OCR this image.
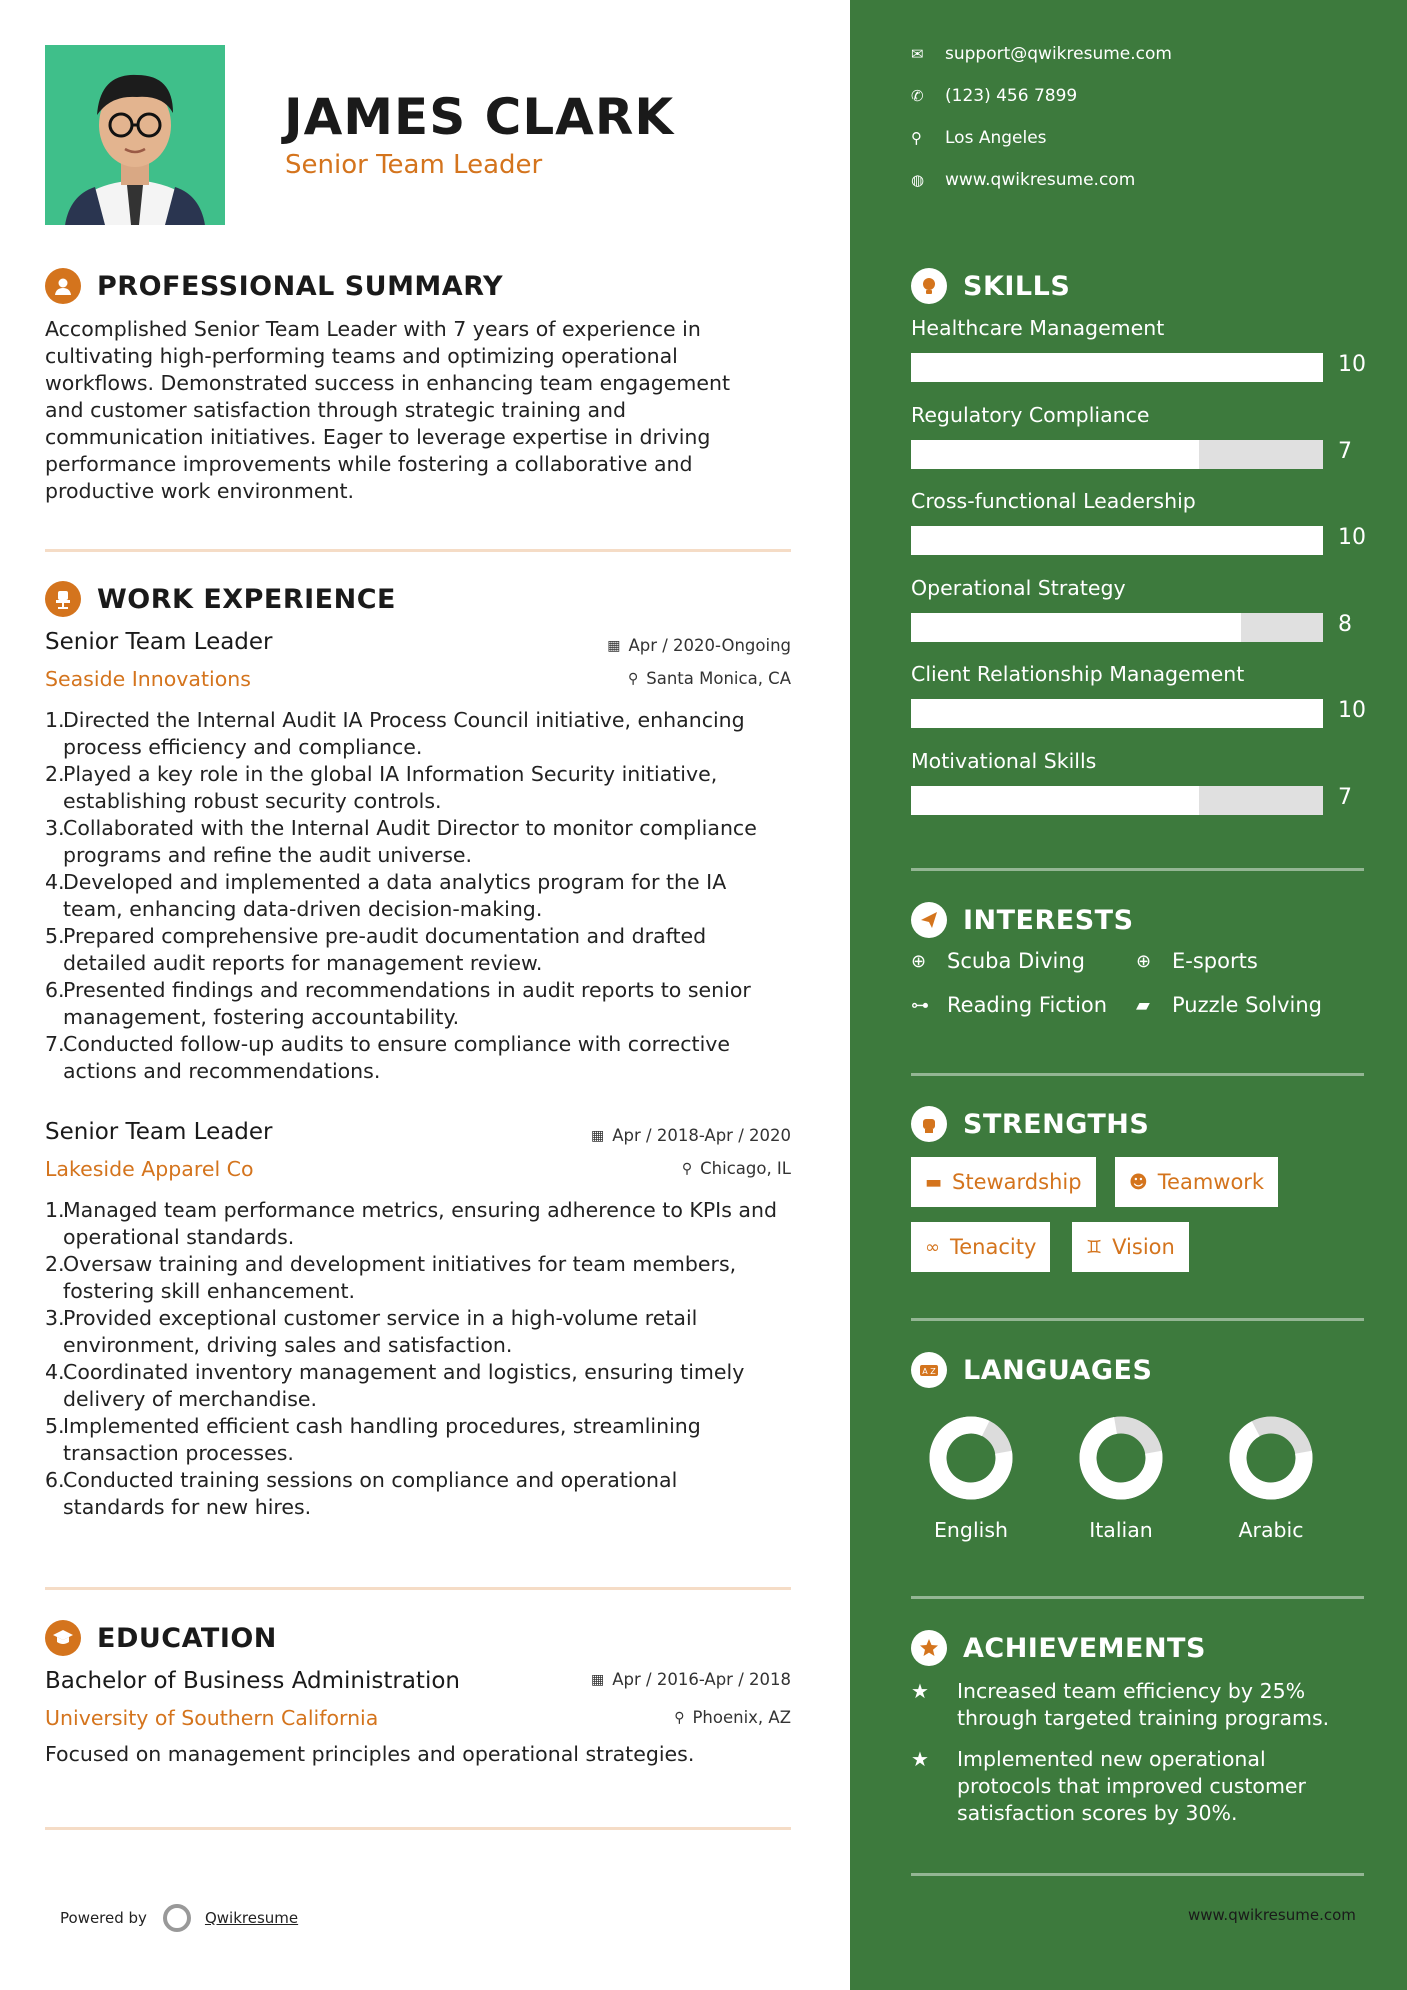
JAMES CLARK
Senior Team Leader
PROFESSIONAL SUMMARY
Accomplished Senior Team Leader with 7 years of experience in cultivating high-performing teams and optimizing operational workflows. Demonstrated success in enhancing team engagement and customer satisfaction through strategic training and communication initiatives. Eager to leverage expertise in driving performance improvements while fostering a collaborative and productive work environment.
WORK EXPERIENCE
Senior Team Leader
Seaside Innovations
▦ Apr / 2020-Ongoing
⚲ Santa Monica, CA
1.
Directed the Internal Audit IA Process Council initiative, enhancing process efficiency and compliance.
2.
Played a key role in the global IA Information Security initiative, establishing robust security controls.
3.
Collaborated with the Internal Audit Director to monitor compliance programs and refine the audit universe.
4.
Developed and implemented a data analytics program for the IA team, enhancing data-driven decision-making.
5.
Prepared comprehensive pre-audit documentation and drafted detailed audit reports for management review.
6.
Presented findings and recommendations in audit reports to senior management, fostering accountability.
7.
Conducted follow-up audits to ensure compliance with corrective actions and recommendations.
Senior Team Leader
Lakeside Apparel Co
▦ Apr / 2018-Apr / 2020
⚲ Chicago, IL
1.
Managed team performance metrics, ensuring adherence to KPIs and operational standards.
2.
Oversaw training and development initiatives for team members, fostering skill enhancement.
3.
Provided exceptional customer service in a high-volume retail environment, driving sales and satisfaction.
4.
Coordinated inventory management and logistics, ensuring timely delivery of merchandise.
5.
Implemented efficient cash handling procedures, streamlining transaction processes.
6.
Conducted training sessions on compliance and operational standards for new hires.
EDUCATION
Bachelor of Business Administration
University of Southern California
▦ Apr / 2016-Apr / 2018
⚲ Phoenix, AZ
Focused on management principles and operational strategies.
Powered by	Qwikresume
✉	support@qwikresume.com
✆	(123) 456 7899
⚲	Los Angeles
◍	www.qwikresume.com
SKILLS
Healthcare Management
10
Regulatory Compliance
7
Cross-functional Leadership
10
Operational Strategy
8
Client Relationship Management
10
Motivational Skills
7
INTERESTS
⊕ Scuba Diving	⊕ E-sports
⊶ Reading Fiction ▰	Puzzle Solving
STRENGTHS
▬ Stewardship	☻ Teamwork
∞ Tenacity	♊ Vision
A Z LANGUAGES
English	Italian	Arabic
ACHIEVEMENTS
★	Increased team efficiency by 25% through targeted training programs.
★	Implemented new operational protocols that improved customer satisfaction scores by 30%.
www.qwikresume.com
